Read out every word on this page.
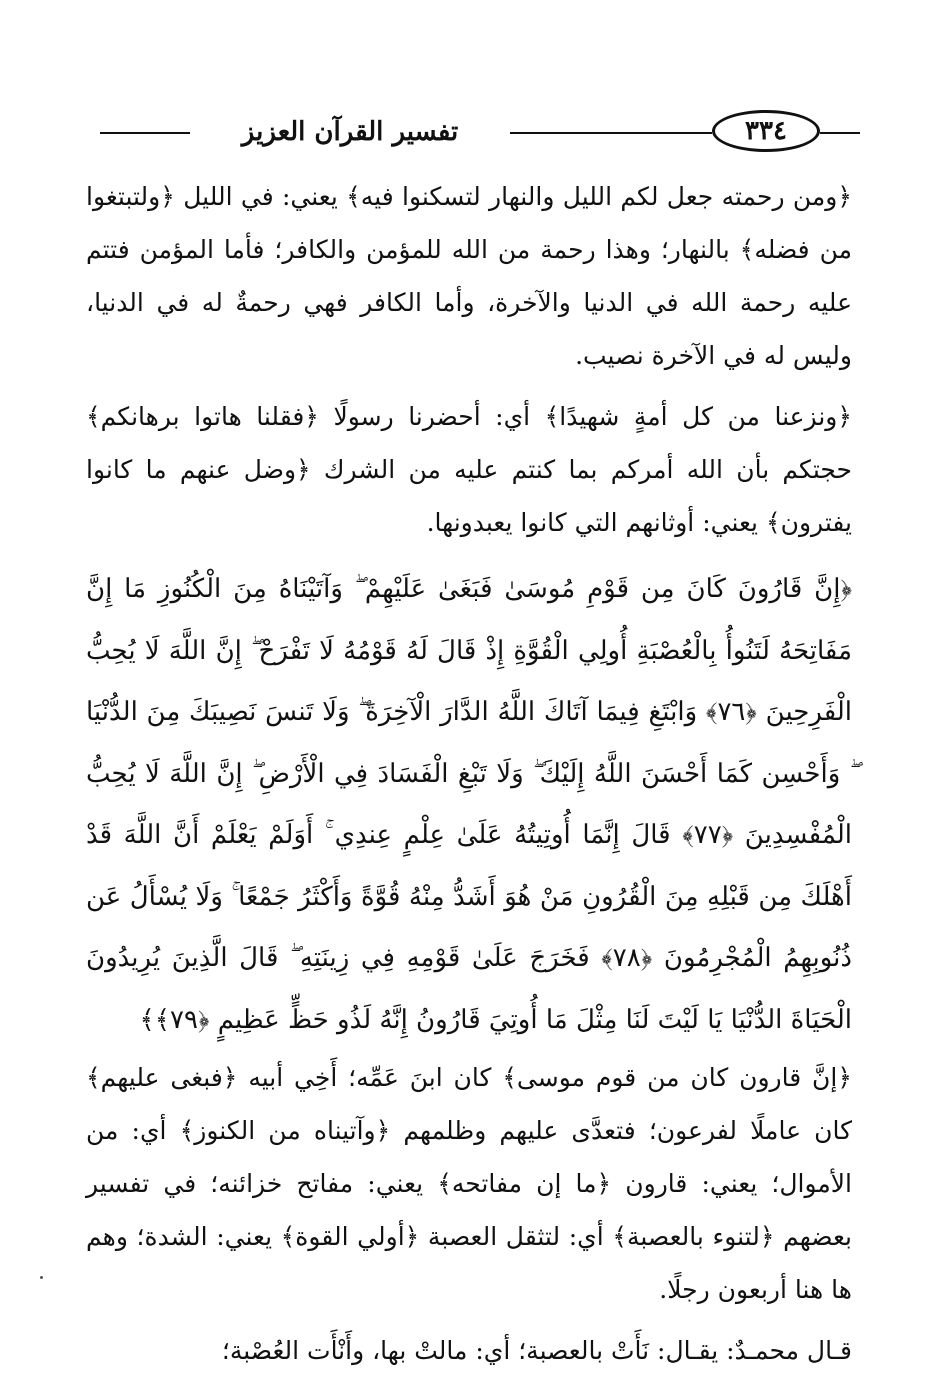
تفسير القرآن العزيز	٣٣٤

﴿ومن رحمته جعل لكم الليل والنهار لتسكنوا فيه﴾ يعني: في الليل ﴿ولتبتغوا من فضله﴾ بالنهار؛ وهذا رحمة من الله للمؤمن والكافر؛ فأما المؤمن فتتم عليه رحمة الله في الدنيا والآخرة، وأما الكافر فهي رحمةٌ له في الدنيا، وليس له في الآخرة نصيب.

﴿ونزعنا من كل أمةٍ شهيدًا﴾ أي: أحضرنا رسولًا ﴿فقلنا هاتوا برهانكم﴾ حجتكم بأن الله أمركم بما كنتم عليه من الشرك ﴿وضل عنهم ما كانوا يفترون﴾ يعني: أوثانهم التي كانوا يعبدونها.

﴿إِنَّ قَارُونَ كَانَ مِن قَوْمِ مُوسَىٰ فَبَغَىٰ عَلَيْهِمْ ۖ وَآتَيْنَاهُ مِنَ الْكُنُوزِ مَا إِنَّ مَفَاتِحَهُ لَتَنُوأُ بِالْعُصْبَةِ أُولِي الْقُوَّةِ إِذْ قَالَ لَهُ قَوْمُهُ لَا تَفْرَحْ ۖ إِنَّ اللَّهَ لَا يُحِبُّ الْفَرِحِينَ ﴿٧٦﴾ وَابْتَغِ فِيمَا آتَاكَ اللَّهُ الدَّارَ الْآخِرَةَ ۖ وَلَا تَنسَ نَصِيبَكَ مِنَ الدُّنْيَا ۖ وَأَحْسِن كَمَا أَحْسَنَ اللَّهُ إِلَيْكَ ۖ وَلَا تَبْغِ الْفَسَادَ فِي الْأَرْضِ ۖ إِنَّ اللَّهَ لَا يُحِبُّ الْمُفْسِدِينَ ﴿٧٧﴾ قَالَ إِنَّمَا أُوتِيتُهُ عَلَىٰ عِلْمٍ عِندِي ۚ أَوَلَمْ يَعْلَمْ أَنَّ اللَّهَ قَدْ أَهْلَكَ مِن قَبْلِهِ مِنَ الْقُرُونِ مَنْ هُوَ أَشَدُّ مِنْهُ قُوَّةً وَأَكْثَرُ جَمْعًا ۚ وَلَا يُسْأَلُ عَن ذُنُوبِهِمُ الْمُجْرِمُونَ ﴿٧٨﴾ فَخَرَجَ عَلَىٰ قَوْمِهِ فِي زِينَتِهِ ۖ قَالَ الَّذِينَ يُرِيدُونَ الْحَيَاةَ الدُّنْيَا يَا لَيْتَ لَنَا مِثْلَ مَا أُوتِيَ قَارُونُ إِنَّهُ لَذُو حَظٍّ عَظِيمٍ ﴿٧٩﴾﴾

﴿إنَّ قارون كان من قوم موسى﴾ كان ابنَ عَمِّه؛ أَخِي أبيه ﴿فبغى عليهم﴾ كان عاملًا لفرعون؛ فتعدَّى عليهم وظلمهم ﴿وآتيناه من الكنوز﴾ أي: من الأموال؛ يعني: قارون ﴿ما إن مفاتحه﴾ يعني: مفاتح خزائنه؛ في تفسير بعضهم ﴿لتنوء بالعصبة﴾ أي: لتثقل العصبة ﴿أولي القوة﴾ يعني: الشدة؛ وهم ها هنا أربعون رجلًا.

قـال محمـدٌ: يقـال: نَأَتْ بالعصبة؛ أي: مالتْ بها، وأَنْأَت العُصْبة؛
